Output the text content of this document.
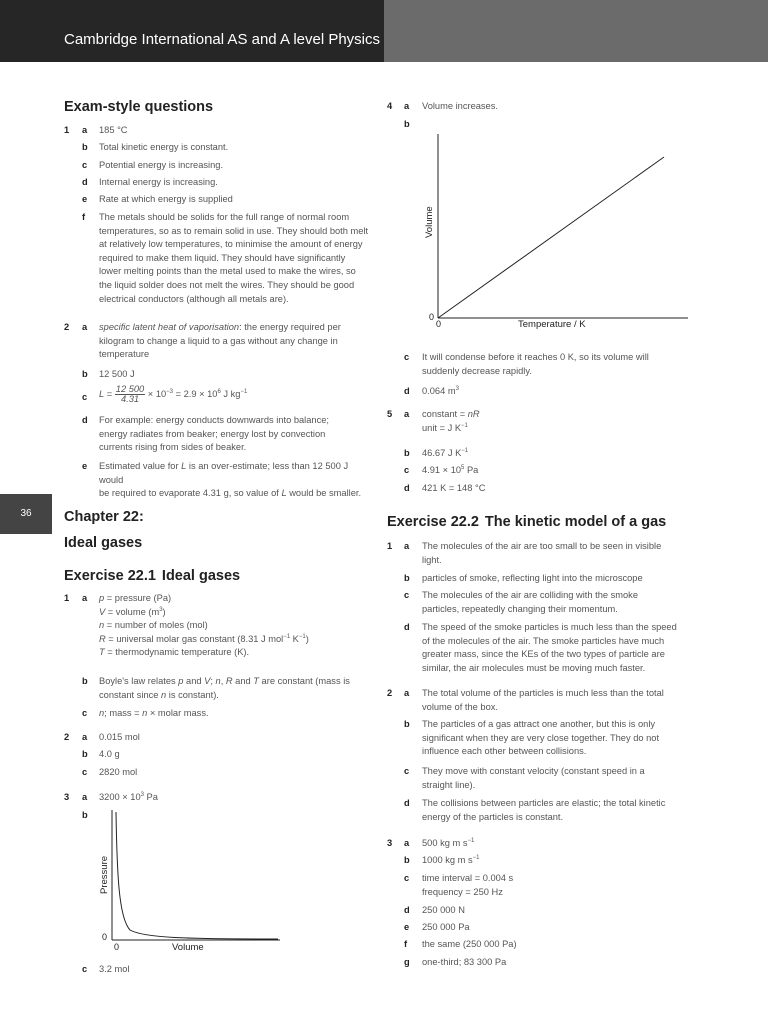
Cambridge International AS and A level Physics
36
Exam-style questions
1 a 185 °C
b Total kinetic energy is constant.
c Potential energy is increasing.
d Internal energy is increasing.
e Rate at which energy is supplied
f The metals should be solids for the full range of normal room
temperatures, so as to remain solid in use. They should both melt
at relatively low temperatures, to minimise the amount of energy
required to make them liquid. They should have significantly
lower melting points than the metal used to make the wires, so
the liquid solder does not melt the wires. They should be good
electrical conductors (although all metals are).
2 a specific latent heat of vaporisation: the energy required per
kilogram to change a liquid to a gas without any change in
temperature
b 12 500 J
c $L = \frac{12 500}{4.31} \times 10^{-3} = 2.9 \times 10^6$ J $kg^{-1}$
d For example: energy conducts downwards into balance;
energy radiates from beaker; energy lost by convection
currents rising from sides of beaker.
e Estimated value for L is an over-estimate; less than 12 500 J would
be required to evaporate 4.31 g, so value of L would be smaller.
Chapter 22:
Ideal gases
Exercise 22.1 Ideal gases
1 a p = pressure (Pa)
V = volume $(m^3)$
n = number of moles (mol)
R = universal molar gas constant (8.31 J mol$^{-1}$ $K^{-1}$)
T = thermodynamic temperature (K).
b Boyle's law relates p and V; n, R and T are constant (mass is
constant since n is constant).
c n; mass = n × molar mass.
2 a 0.015 mol
b 4.0 g
c 2820 mol
3 a $3200 \times 10^3$ Pa
b
0
0	Volume
Pressure
c 3.2 mol
4 a Volume increases.
b
0
0	Temperature / K
Volume
c It will condense before it reaches 0 K, so its volume will
suddenly decrease rapidly.
d 0.064 $m^3$
5 a constant = nR
unit = J $K^{-1}$
b 46.67 J $K^{-1}$
c $4.91 \times 10^5$ Pa
d 421 K = 148 °C
Exercise 22.2 The kinetic model of a gas
1 a The molecules of the air are too small to be seen in visible
light.
b particles of smoke, reflecting light into the microscope
c The molecules of the air are colliding with the smoke
particles, repeatedly changing their momentum.
d The speed of the smoke particles is much less than the speed
of the molecules of the air. The smoke particles have much
greater mass, since the KEs of the two types of particle are
similar, the air molecules must be moving much faster.
2 a The total volume of the particles is much less than the total
volume of the box.
b The particles of a gas attract one another, but this is only
significant when they are very close together. They do not
influence each other between collisions.
c They move with constant velocity (constant speed in a
straight line).
d The collisions between particles are elastic; the total kinetic
energy of the particles is constant.
3 a 500 kg m $s^{-1}$
b 1000 kg m $s^{-1}$
c time interval = 0.004 s
frequency = 250 Hz
d 250 000 N
e 250 000 Pa
f the same (250 000 Pa)
g one-third; 83 300 Pa
